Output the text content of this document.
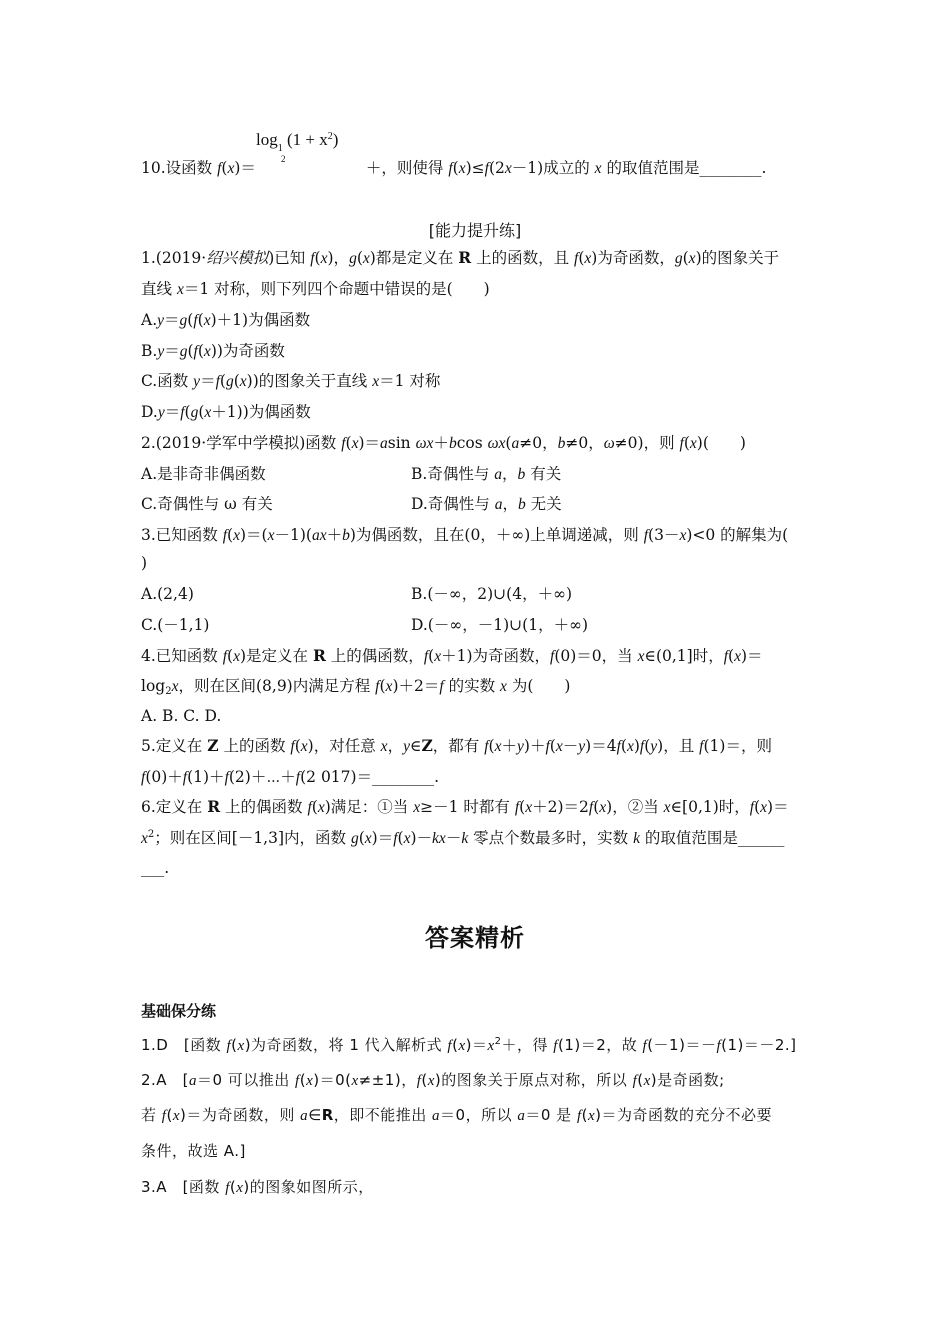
$\log_1 (1 + x^2)$
2
10.设函数 f(x)＝	＋，则使得 f(x)≤f(2x－1)成立的 x 的取值范围是________.
[能力提升练]
1.(2019·绍兴模拟)已知 f(x)，g(x)都是定义在 R 上的函数，且 f(x)为奇函数，g(x)的图象关于
直线 x＝1 对称，则下列四个命题中错误的是(　　)
A.y＝g(f(x)＋1)为偶函数
B.y＝g(f(x))为奇函数
C.函数 y＝f(g(x))的图象关于直线 x＝1 对称
D.y＝f(g(x＋1))为偶函数
2.(2019·学军中学模拟)函数 f(x)＝asin ωx＋bcos ωx(a≠0，b≠0，ω≠0)，则 f(x)(　　)
A.是非奇非偶函数	B.奇偶性与 a，b 有关
C.奇偶性与 ω 有关	D.奇偶性与 a，b 无关
3.已知函数 f(x)＝(x－1)(ax＋b)为偶函数，且在(0，＋∞)上单调递减，则 f(3－x)<0 的解集为(
)
A.(2,4)	B.(－∞，2)∪(4，＋∞)
C.(－1,1)	D.(－∞，－1)∪(1，＋∞)
4.已知函数 f(x)是定义在 R 上的偶函数，f(x＋1)为奇函数，f(0)＝0，当 x∈(0,1]时，f(x)＝
$\log_2x$，则在区间(8,9)内满足方程 f(x)＋2＝f 的实数 x 为(　　)
A. B. C. D.
5.定义在 Z 上的函数 f(x)，对任意 x，y∈Z，都有 f(x＋y)＋f(x－y)＝4f(x)f(y)，且 f(1)＝，则
f(0)＋f(1)＋f(2)＋⋯＋f(2 017)＝________.
6.定义在 R 上的偶函数 f(x)满足：①当 x≥－1 时都有 f(x＋2)＝2f(x)，②当 x∈[0,1)时，f(x)＝
$x^2$；则在区间[－1,3]内，函数 g(x)＝f(x)－kx－k 零点个数最多时，实数 k 的取值范围是______
___.
答案精析
基础保分练
1.D　[函数 f(x)为奇函数，将 1 代入解析式 $f(x)=x^2+$，得 f(1)＝2，故 f(－1)＝－f(1)＝－2.]
2.A　[a＝0 可以推出 f(x)＝0(x≠±1)，f(x)的图象关于原点对称，所以 f(x)是奇函数;
若 f(x)＝为奇函数，则 a∈R，即不能推出 a＝0，所以 a＝0 是 f(x)＝为奇函数的充分不必要
条件，故选 A.]
3.A　[函数 f(x)的图象如图所示，
